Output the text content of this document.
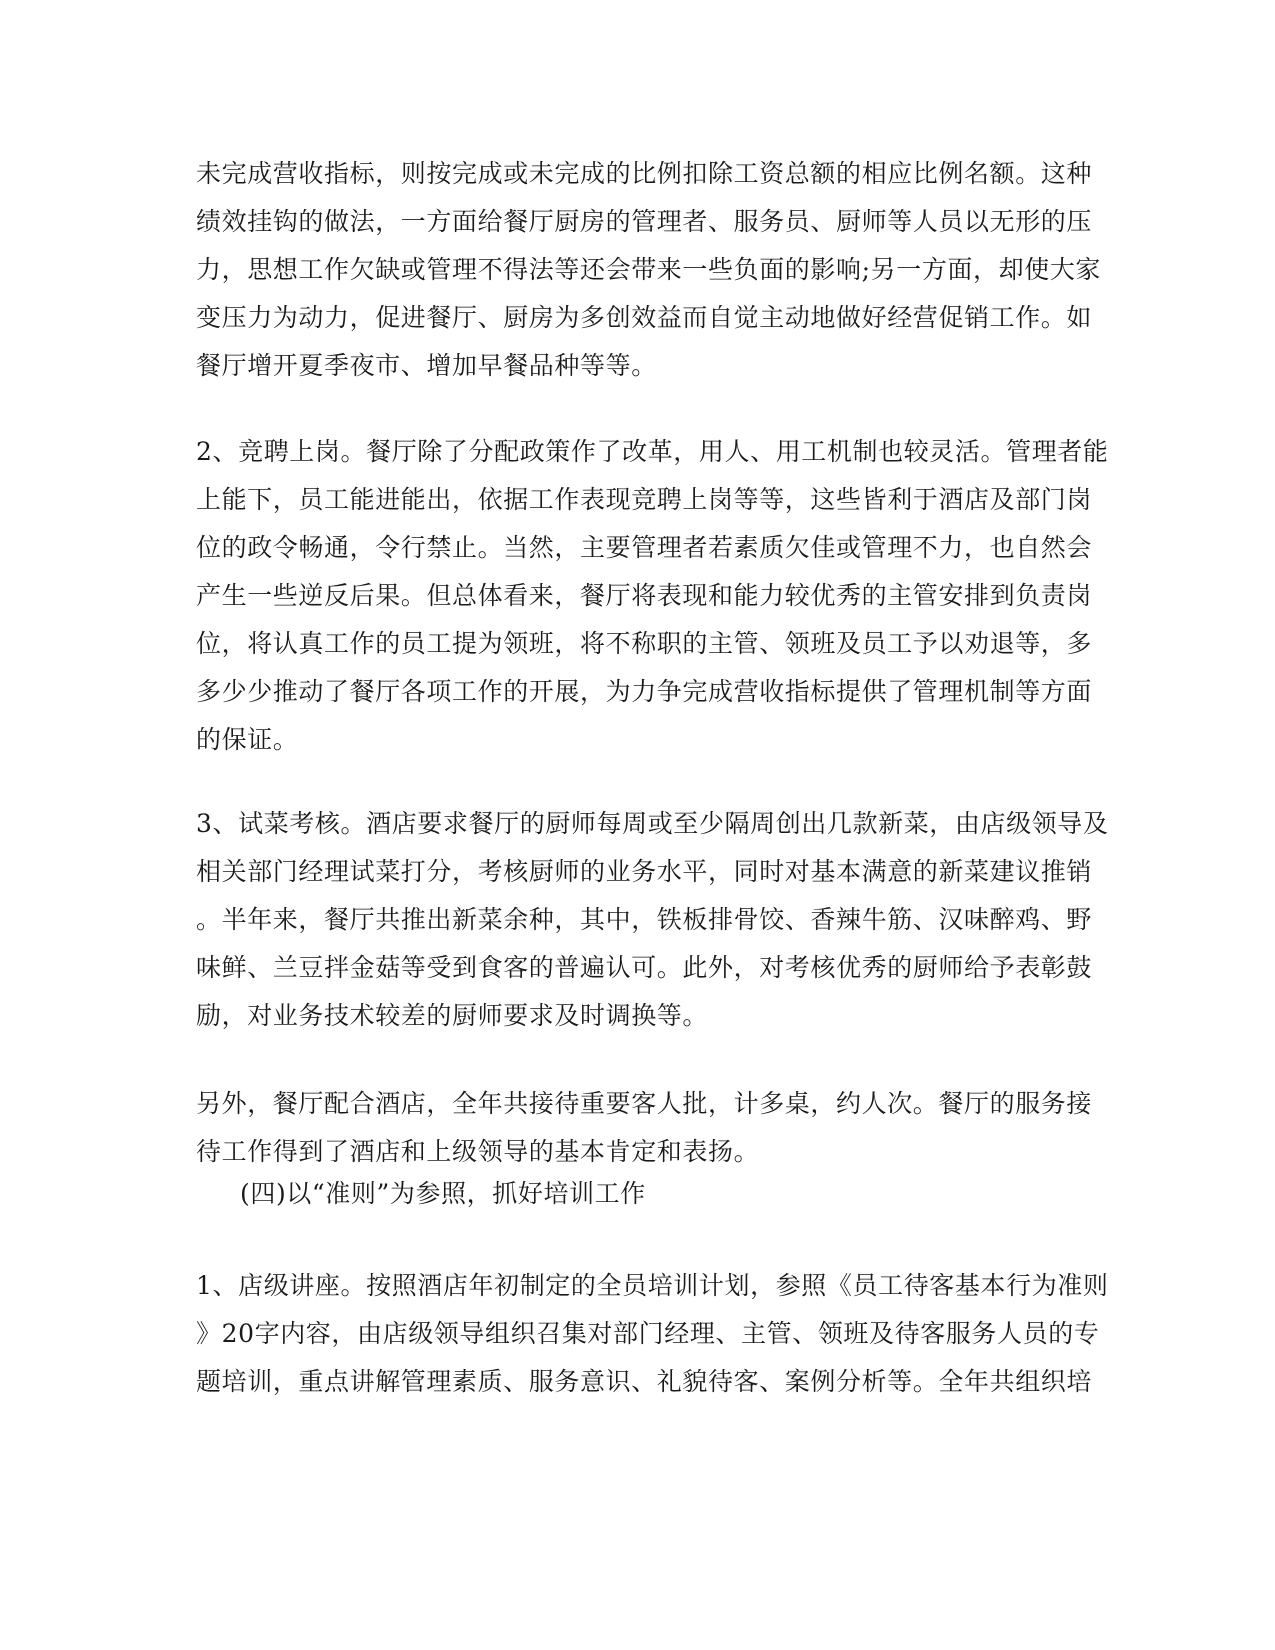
未完成营收指标，则按完成或未完成的比例扣除工资总额的相应比例名额。这种
绩效挂钩的做法，一方面给餐厅厨房的管理者、服务员、厨师等人员以无形的压
力，思想工作欠缺或管理不得法等还会带来一些负面的影响;另一方面，却使大家
变压力为动力，促进餐厅、厨房为多创效益而自觉主动地做好经营促销工作。如
餐厅增开夏季夜市、增加早餐品种等等。
2、竞聘上岗。餐厅除了分配政策作了改革，用人、用工机制也较灵活。管理者能
上能下，员工能进能出，依据工作表现竞聘上岗等等，这些皆利于酒店及部门岗
位的政令畅通，令行禁止。当然，主要管理者若素质欠佳或管理不力，也自然会
产生一些逆反后果。但总体看来，餐厅将表现和能力较优秀的主管安排到负责岗
位，将认真工作的员工提为领班，将不称职的主管、领班及员工予以劝退等，多
多少少推动了餐厅各项工作的开展，为力争完成营收指标提供了管理机制等方面
的保证。
3、试菜考核。酒店要求餐厅的厨师每周或至少隔周创出几款新菜，由店级领导及
相关部门经理试菜打分，考核厨师的业务水平，同时对基本满意的新菜建议推销
。半年来，餐厅共推出新菜余种，其中，铁板排骨饺、香辣牛筋、汉味醉鸡、野
味鲜、兰豆拌金菇等受到食客的普遍认可。此外，对考核优秀的厨师给予表彰鼓
励，对业务技术较差的厨师要求及时调换等。
另外，餐厅配合酒店，全年共接待重要客人批，计多桌，约人次。餐厅的服务接
待工作得到了酒店和上级领导的基本肯定和表扬。
(四)以“准则”为参照，抓好培训工作
1、店级讲座。按照酒店年初制定的全员培训计划，参照《员工待客基本行为准则
》20字内容，由店级领导组织召集对部门经理、主管、领班及待客服务人员的专
题培训，重点讲解管理素质、服务意识、礼貌待客、案例分析等。全年共组织培
